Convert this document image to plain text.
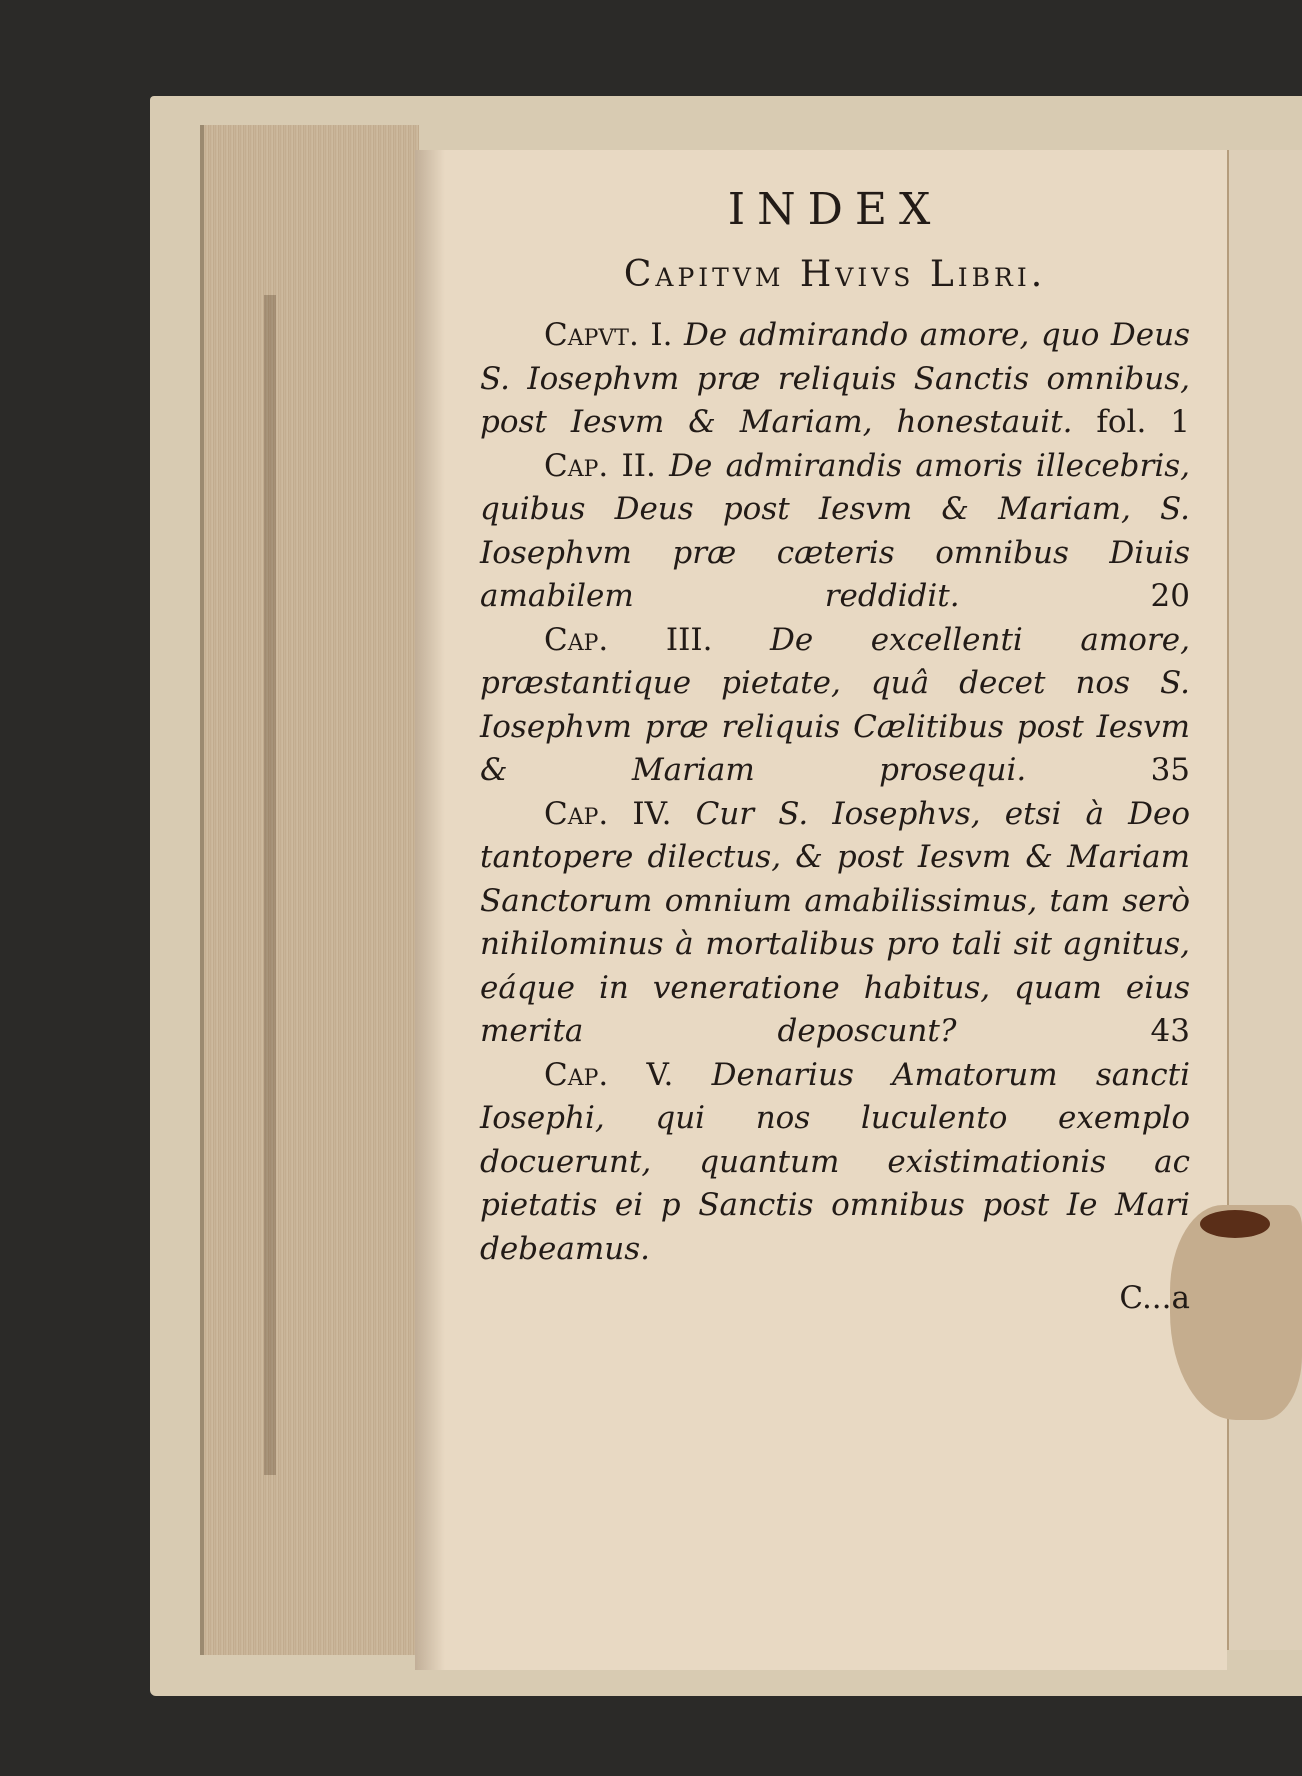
INDEX

Capitvm Hvivs Libri.

Capvt. I. De admirando amore, quo Deus S. Iosephvm præ reliquis Sanctis omnibus, post Iesvm & Mariam, honestauit. fol. 1

Cap. II. De admirandis amoris illecebris, quibus Deus post Iesvm & Mariam, S. Iosephvm præ cæteris omnibus Diuis amabilem reddidit.	20

Cap. III. De excellenti amore, præstantique pietate, quâ decet nos S. Iosephvm præ reliquis Cælitibus post Iesvm & Mariam prosequi.	35

Cap. IV. Cur S. Iosephvs, etsi à Deo tantopere dilectus, & post Iesvm & Mariam Sanctorum omnium amabilissimus, tam serò nihilominus à mortalibus pro tali sit agnitus, eáque in veneratione habitus, quam eius merita deposcunt?	43

Cap. V. Denarius Amatorum sancti Iosephi, qui nos luculento exemplo docuerunt, quantum existimationis ac pietatis ei p Sanctis omnibus post Ie Mari debeamus.

C...a
